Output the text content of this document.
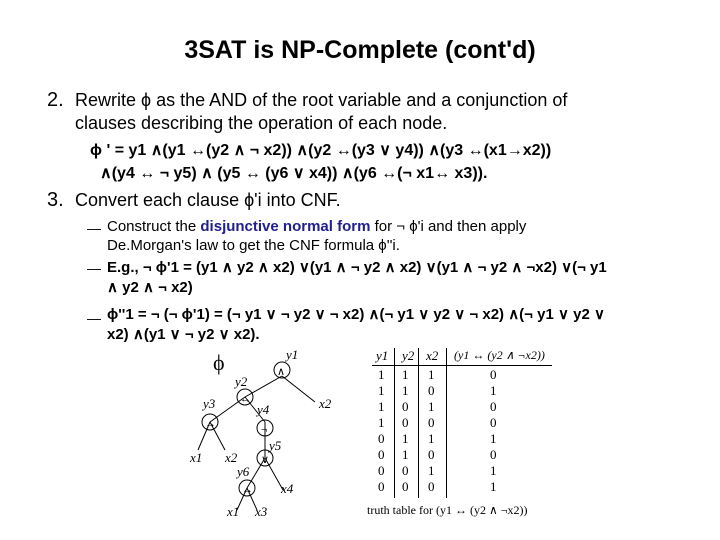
3SAT is NP-Complete (cont'd)
2. Rewrite ϕ as the AND of the root variable and a conjunction of
clauses describing the operation of each node.
ϕ ' = y1 ∧(y1 ↔(y2 ∧ ¬ x2)) ∧(y2 ↔(y3 ∨ y4)) ∧(y3 ↔(x1→x2))
∧(y4 ↔ ¬ y5) ∧ (y5 ↔ (y6 ∨ x4)) ∧(y6 ↔(¬ x1↔ x3)).
3. Convert each clause ϕ'i into CNF.
— Construct the disjunctive normal form for ¬ ϕ'i and then apply
De.Morgan's law to get the CNF formula ϕ''i.
— E.g., ¬ ϕ'1 = (y1 ∧ y2 ∧ x2) ∨(y1 ∧ ¬ y2 ∧ x2) ∨(y1 ∧ ¬ y2 ∧ ¬x2) ∨(¬ y1
∧ y2 ∧ ¬ x2)
— ϕ''1 = ¬ (¬ ϕ'1) = (¬ y1 ∨ ¬ y2 ∨ ¬ x2) ∧(¬ y1 ∨ y2 ∨ ¬ x2) ∧(¬ y1 ∨ y2 ∨
x2) ∧(y1 ∨ ¬ y2 ∨ x2).
ϕ	y1
y2
y3	y4
y5
y6
x2
x1 x2
x4
x1 x3
∧
↔
→	¬
∨
↔
y1 y2 x2 (y1 ↔ (y2 ∧ ¬x2))
1 1 1	0
1 1 0	1
1 0 1	0
1 0 0	0
0 1 1	1
0 1 0	0
0 0 1	1
0 0 0	1
truth table for (y1 ↔ (y2 ∧ ¬x2))
